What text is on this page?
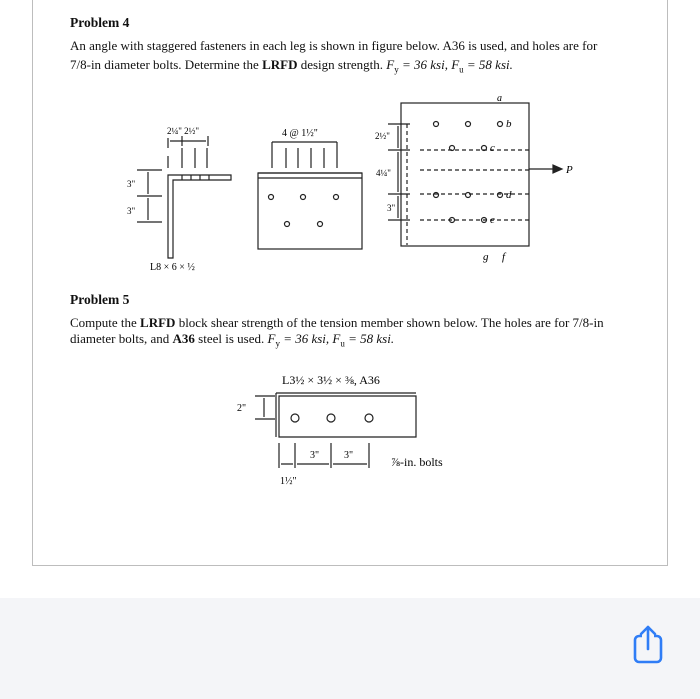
Problem 4
An angle with staggered fasteners in each leg is shown in figure below. A36 is used, and holes are for
7/8-in diameter bolts. Determine the LRFD design strength. $F_y = 36$ ksi, $F_u = 58$ ksi.
2¼" 2½"	4 @ 1½"
3"
3"
L8 × 6 × ½
2½"
4¼"
3"
a
b
c
d
e
g f
P
Problem 5
Compute the LRFD block shear strength of the tension member shown below. The holes are for 7/8-in
diameter bolts, and A36 steel is used. $F_y = 36$ ksi, $F_u = 58$ ksi.
L3½ × 3½ × ⅜, A36
2"
3" 3"
1½"
⅞-in. bolts
